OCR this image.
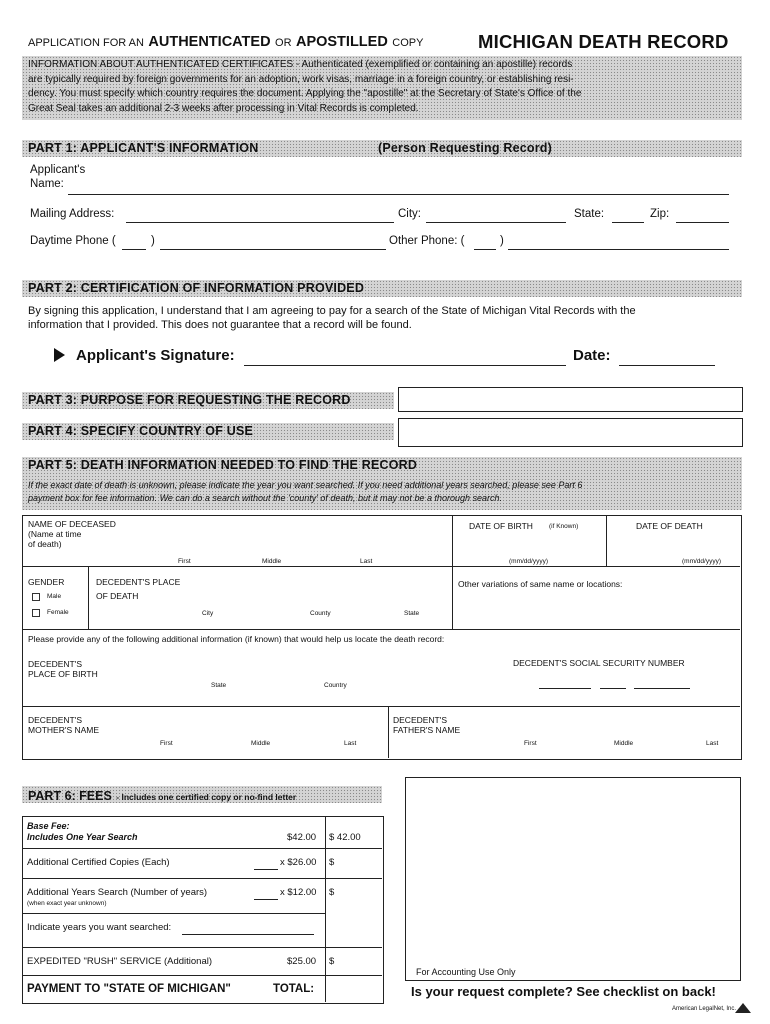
APPLICATION FOR AN AUTHENTICATED OR APOSTILLED COPY	MICHIGAN DEATH RECORD
INFORMATION ABOUT AUTHENTICATED CERTIFICATES - Authenticated (exemplified or containing an apostille) records
are typically required by foreign governments for an adoption, work visas, marriage in a foreign country, or establishing resi-
dency. You must specify which country requires the document. Applying the "apostille" at the Secretary of State's Office of the
Great Seal takes an additional 2-3 weeks after processing in Vital Records is completed.
PART 1: APPLICANT'S INFORMATION	(Person Requesting Record)
Applicant's
Name:
Mailing Address:	City:	State:	Zip:
Daytime Phone (	)	Other Phone: (	)
PART 2: CERTIFICATION OF INFORMATION PROVIDED
By signing this application, I understand that I am agreeing to pay for a search of the State of Michigan Vital Records with the
information that I provided. This does not guarantee that a record will be found.
Applicant's Signature:	Date:
PART 3: PURPOSE FOR REQUESTING THE RECORD
PART 4: SPECIFY COUNTRY OF USE
PART 5: DEATH INFORMATION NEEDED TO FIND THE RECORD
If the exact date of death is unknown, please indicate the year you want searched. If you need additional years searched, please see Part 6
payment box for fee information. We can do a search without the 'county' of death, but it may not be a thorough search.
NAME OF DECEASED
(Name at time
of death)
First	Middle	Last
DATE OF BIRTH (if Known)
(mm/dd/yyyy)
DATE OF DEATH
(mm/dd/yyyy)
GENDER
Male
Female
DECEDENT'S PLACE
OF DEATH
City	County	State
Other variations of same name or locations:
Please provide any of the following additional information (if known) that would help us locate the death record:
DECEDENT'S
PLACE OF BIRTH
State	Country
DECEDENT'S SOCIAL SECURITY NUMBER
DECEDENT'S
MOTHER'S NAME
First	Middle	Last
DECEDENT'S
FATHER'S NAME
First	Middle	Last
PART 6: FEES - Includes one certified copy or no-find letter
Base Fee:
Includes One Year Search	$42.00 $ 42.00
Additional Certified Copies (Each)	x $26.00 $
Additional Years Search (Number of years)	x $12.00 $
(when exact year unknown)
Indicate years you want searched:
EXPEDITED "RUSH" SERVICE (Additional)	$25.00 $
PAYMENT TO "STATE OF MICHIGAN"	TOTAL:
For Accounting Use Only
Is your request complete? See checklist on back!
American LegalNet, Inc.
